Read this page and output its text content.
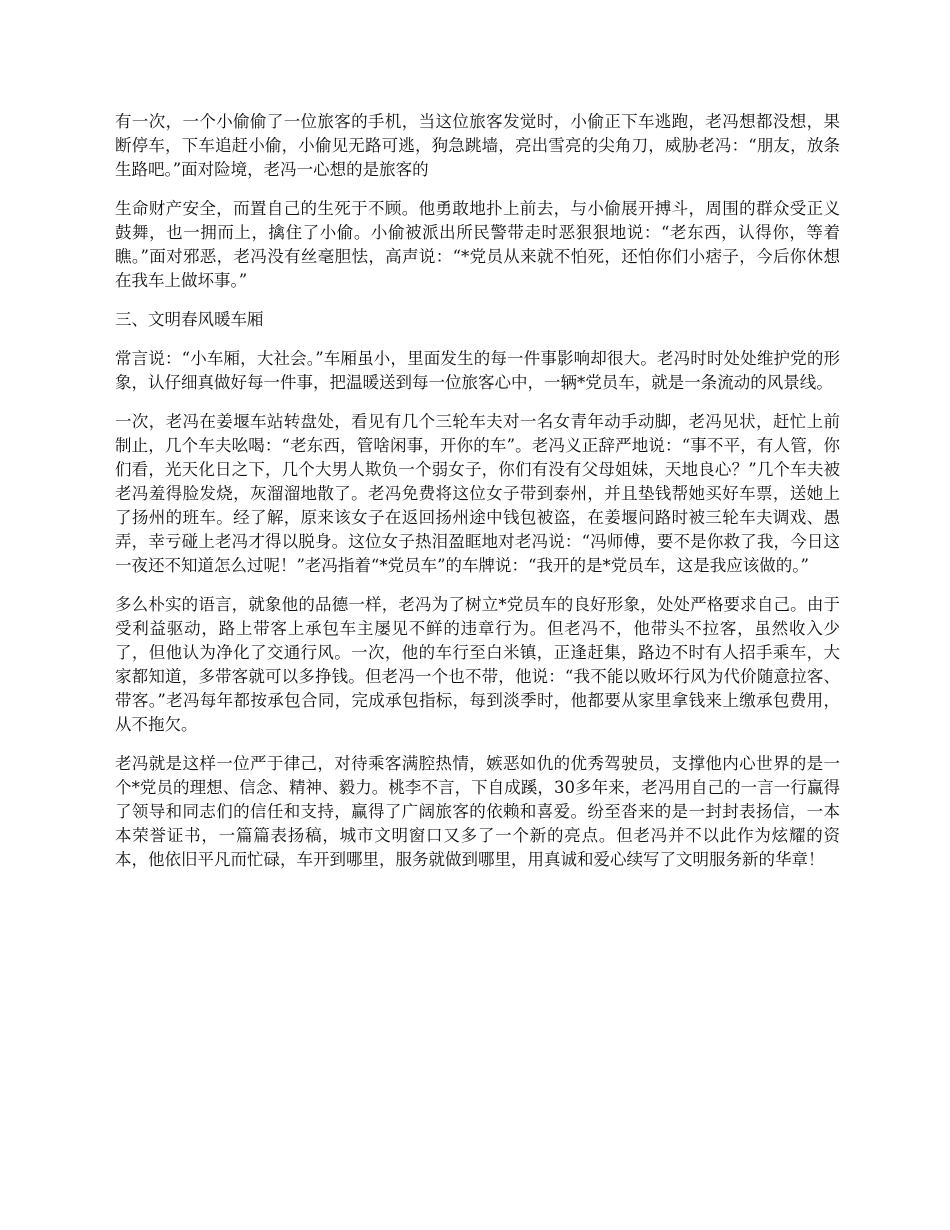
有一次，一个小偷偷了一位旅客的手机，当这位旅客发觉时，小偷正下车逃跑，老冯想都没想，果断停车，下车追赶小偷，小偷见无路可逃，狗急跳墙，亮出雪亮的尖角刀，威胁老冯：“朋友，放条生路吧。”面对险境，老冯一心想的是旅客的

生命财产安全，而置自己的生死于不顾。他勇敢地扑上前去，与小偷展开搏斗，周围的群众受正义鼓舞，也一拥而上，擒住了小偷。小偷被派出所民警带走时恶狠狠地说：“老东西，认得你，等着瞧。”面对邪恶，老冯没有丝毫胆怯，高声说：“*党员从来就不怕死，还怕你们小痞子，今后你休想在我车上做坏事。”

三、文明春风暖车厢

常言说：“小车厢，大社会。”车厢虽小，里面发生的每一件事影响却很大。老冯时时处处维护党的形象，认仔细真做好每一件事，把温暖送到每一位旅客心中，一辆*党员车，就是一条流动的风景线。

一次，老冯在姜堰车站转盘处，看见有几个三轮车夫对一名女青年动手动脚，老冯见状，赶忙上前制止，几个车夫吆喝：“老东西，管啥闲事，开你的车”。老冯义正辞严地说：“事不平，有人管，你们看，光天化日之下，几个大男人欺负一个弱女子，你们有没有父母姐妹，天地良心？”几个车夫被老冯羞得脸发烧，灰溜溜地散了。老冯免费将这位女子带到泰州，并且垫钱帮她买好车票，送她上了扬州的班车。经了解，原来该女子在返回扬州途中钱包被盗，在姜堰问路时被三轮车夫调戏、愚弄，幸亏碰上老冯才得以脱身。这位女子热泪盈眶地对老冯说：“冯师傅，要不是你救了我，今日这一夜还不知道怎么过呢！”老冯指着“*党员车”的车牌说：“我开的是*党员车，这是我应该做的。”

多么朴实的语言，就象他的品德一样，老冯为了树立*党员车的良好形象，处处严格要求自己。由于受利益驱动，路上带客上承包车主屡见不鲜的违章行为。但老冯不，他带头不拉客，虽然收入少了，但他认为净化了交通行风。一次，他的车行至白米镇，正逢赶集，路边不时有人招手乘车，大家都知道，多带客就可以多挣钱。但老冯一个也不带，他说：“我不能以败坏行风为代价随意拉客、带客。”老冯每年都按承包合同，完成承包指标，每到淡季时，他都要从家里拿钱来上缴承包费用，从不拖欠。

老冯就是这样一位严于律己，对待乘客满腔热情，嫉恶如仇的优秀驾驶员，支撑他内心世界的是一个*党员的理想、信念、精神、毅力。桃李不言，下自成蹊，30多年来，老冯用自己的一言一行赢得了领导和同志们的信任和支持，赢得了广阔旅客的依赖和喜爱。纷至沓来的是一封封表扬信，一本本荣誉证书，一篇篇表扬稿，城市文明窗口又多了一个新的亮点。但老冯并不以此作为炫耀的资本，他依旧平凡而忙碌，车开到哪里，服务就做到哪里，用真诚和爱心续写了文明服务新的华章！
